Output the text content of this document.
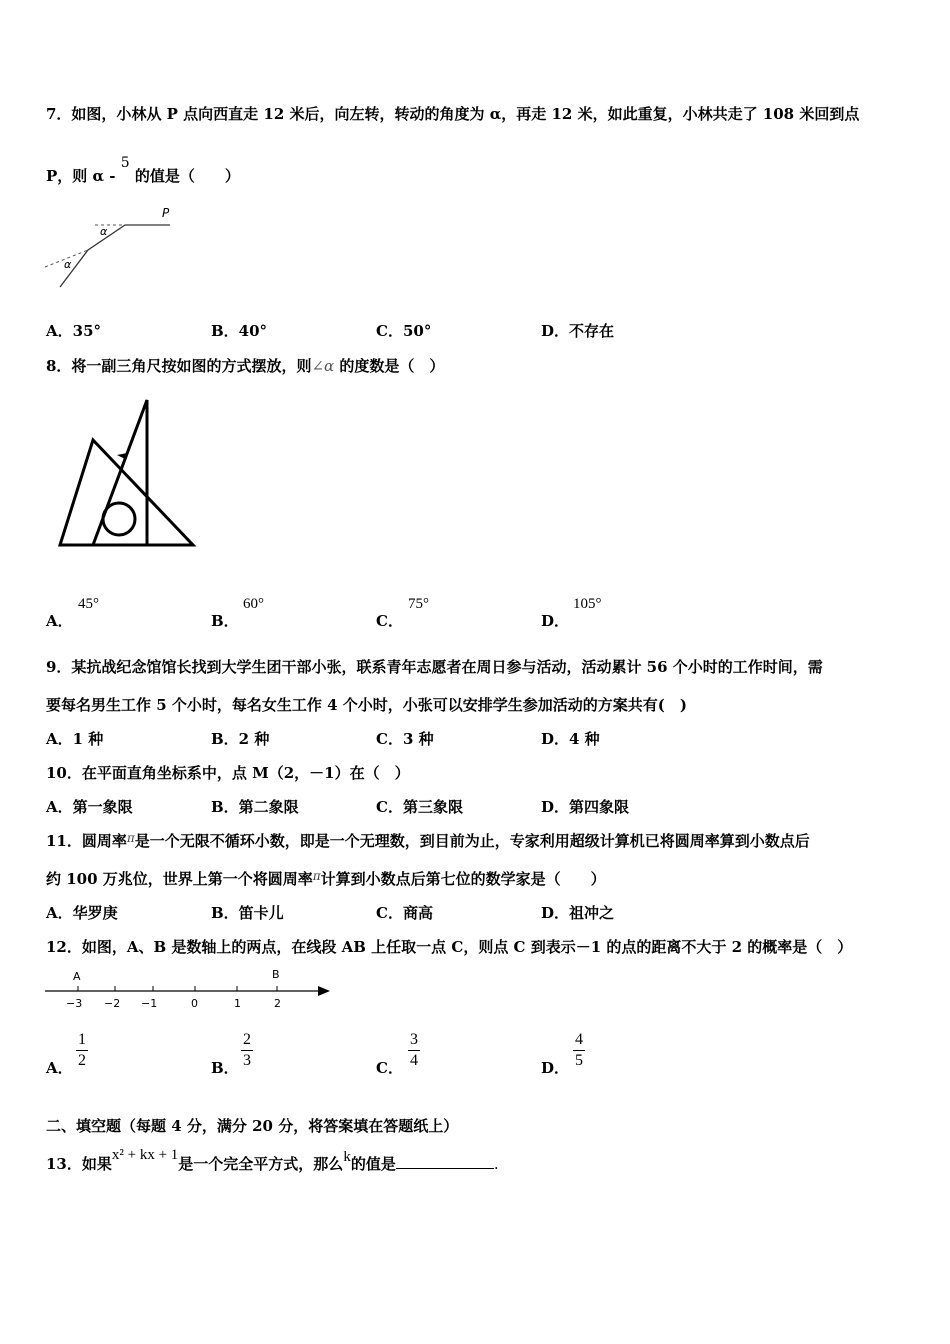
7．如图，小林从 P 点向西直走 12 米后，向左转，转动的角度为 α，再走 12 米，如此重复，小林共走了 108 米回到点
P，则 α - 5 的值是（　　）
P
α
α
A．35°	B．40°	C．50°	D．不存在
8．将一副三角尺按如图的方式摆放，则∠α 的度数是（　）
A．
45°
B．
60°
C．
75°
D．
105°
9．某抗战纪念馆馆长找到大学生团干部小张，联系青年志愿者在周日参与活动，活动累计 56 个小时的工作时间，需
要每名男生工作 5 个小时，每名女生工作 4 个小时，小张可以安排学生参加活动的方案共有(　)
A．1 种	B．2 种	C．3 种	D．4 种
10．在平面直角坐标系中，点 M（2，－1）在（　）
A．第一象限	B．第二象限	C．第三象限	D．第四象限
11．圆周率$^\pi$是一个无限不循环小数，即是一个无理数，到目前为止，专家利用超级计算机已将圆周率算到小数点后
约 100 万兆位，世界上第一个将圆周率$^\pi$计算到小数点后第七位的数学家是（　　）
A．华罗庚	B．笛卡儿	C．商高	D．祖冲之
12．如图，A、B 是数轴上的两点，在线段 AB 上任取一点 C，则点 C 到表示－1 的点的距离不大于 2 的概率是（　）
A	B
−3 −2 −1	0	1	2
A． $\frac{1}{2}$	B． $\frac{2}{3}$	C． $\frac{3}{4}$	D． $\frac{4}{5}$
二、填空题（每题 4 分，满分 20 分，将答案填在答题纸上）
13．如果x² + kx + 1是一个完全平方式，那么k的值是	.
